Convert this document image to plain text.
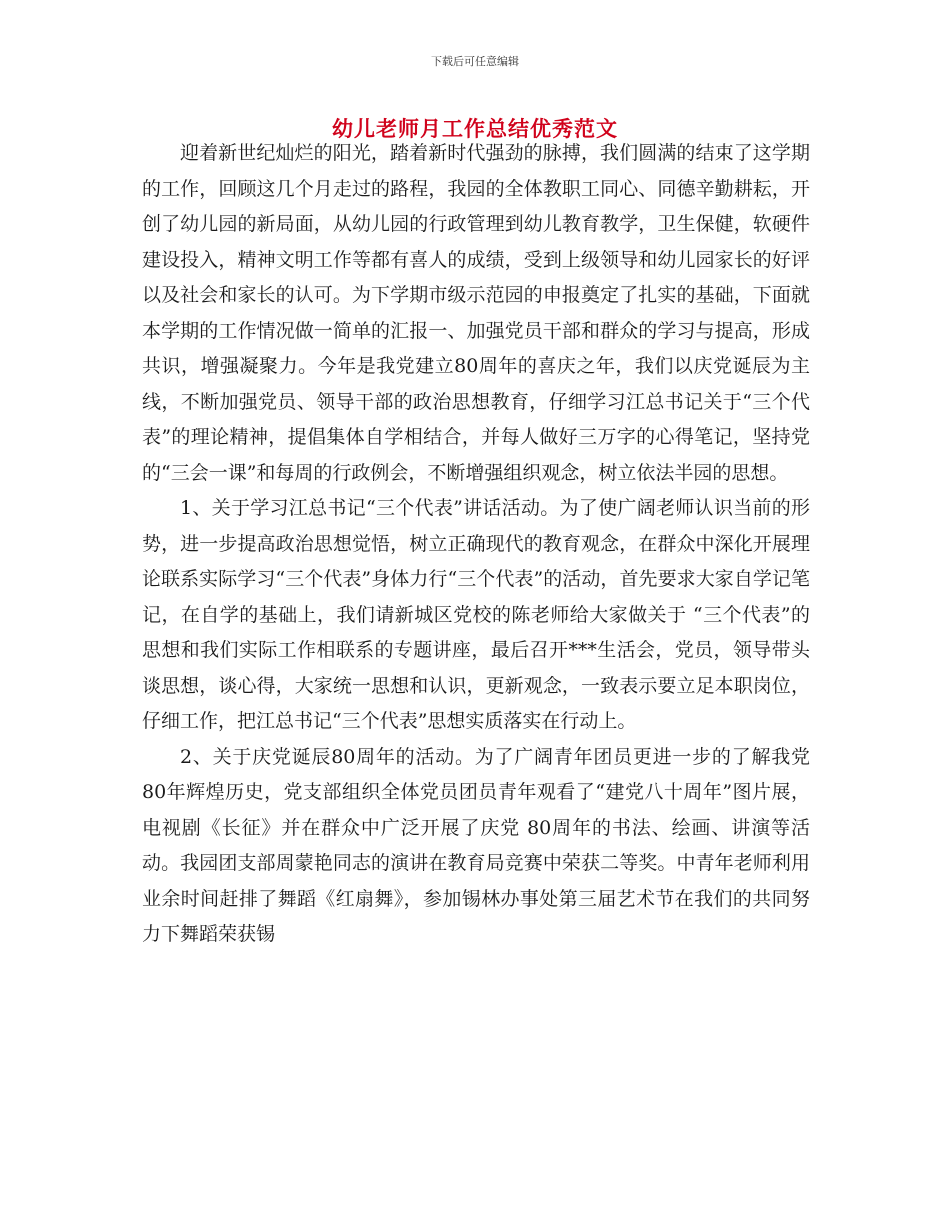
下载后可任意编辑
幼儿老师月工作总结优秀范文

迎着新世纪灿烂的阳光，踏着新时代强劲的脉搏，我们圆满的结束了这学期的工作，回顾这几个月走过的路程，我园的全体教职工同心、同德辛勤耕耘，开创了幼儿园的新局面，从幼儿园的行政管理到幼儿教育教学，卫生保健，软硬件建设投入，精神文明工作等都有喜人的成绩，受到上级领导和幼儿园家长的好评以及社会和家长的认可。为下学期市级示范园的申报奠定了扎实的基础，下面就本学期的工作情况做一简单的汇报一、加强党员干部和群众的学习与提高，形成共识，增强凝聚力。今年是我党建立80周年的喜庆之年，我们以庆党诞辰为主线，不断加强党员、领导干部的政治思想教育，仔细学习江总书记关于“三个代表”的理论精神，提倡集体自学相结合，并每人做好三万字的心得笔记，坚持党的“三会一课”和每周的行政例会，不断增强组织观念，树立依法半园的思想。

1、关于学习江总书记“三个代表”讲话活动。为了使广阔老师认识当前的形势，进一步提高政治思想觉悟，树立正确现代的教育观念，在群众中深化开展理论联系实际学习“三个代表”身体力行“三个代表”的活动，首先要求大家自学记笔记，在自学的基础上，我们请新城区党校的陈老师给大家做关于 “三个代表”的思想和我们实际工作相联系的专题讲座，最后召开***生活会，党员，领导带头谈思想，谈心得，大家统一思想和认识，更新观念，一致表示要立足本职岗位，仔细工作，把江总书记“三个代表”思想实质落实在行动上。

2、关于庆党诞辰80周年的活动。为了广阔青年团员更进一步的了解我党80年辉煌历史，党支部组织全体党员团员青年观看了“建党八十周年”图片展，电视剧《长征》并在群众中广泛开展了庆党 80周年的书法、绘画、讲演等活动。我园团支部周蒙艳同志的演讲在教育局竞赛中荣获二等奖。中青年老师利用业余时间赶排了舞蹈《红扇舞》，参加锡林办事处第三届艺术节在我们的共同努力下舞蹈荣获锡
